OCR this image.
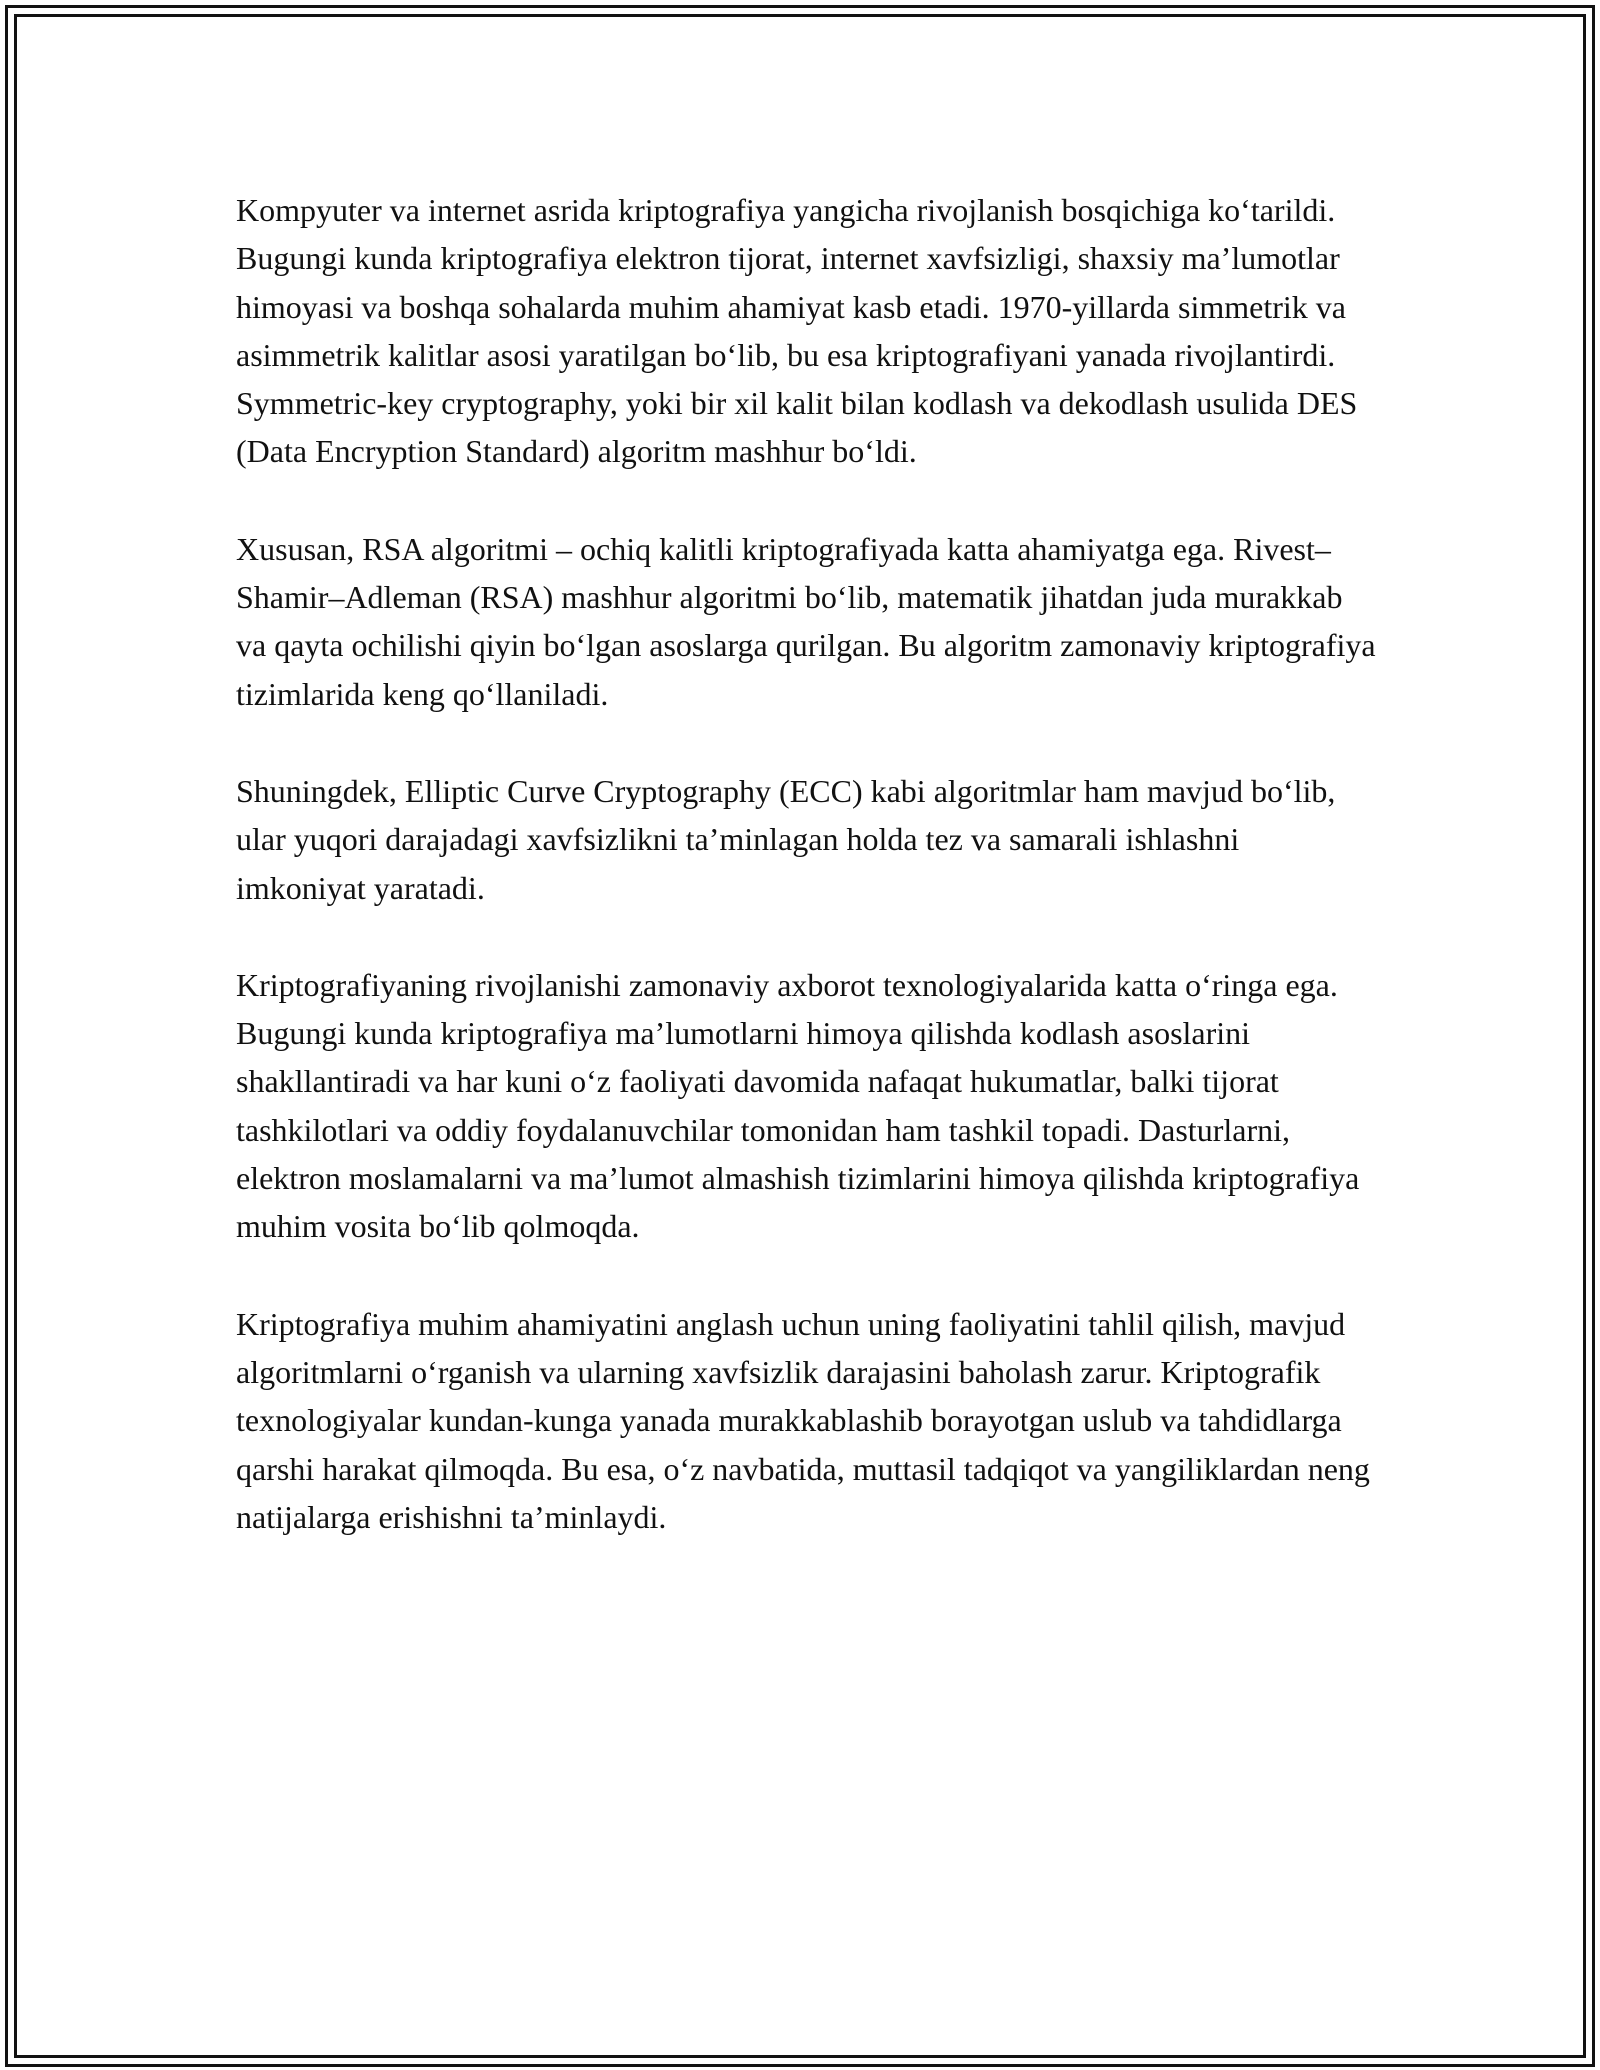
Kompyuter va internet asrida kriptografiya yangicha rivojlanish bosqichiga ko‘tarildi. Bugungi kunda kriptografiya elektron tijorat, internet xavfsizligi, shaxsiy ma’lumotlar himoyasi va boshqa sohalarda muhim ahamiyat kasb etadi. 1970-yillarda simmetrik va asimmetrik kalitlar asosi yaratilgan bo‘lib, bu esa kriptografiyani yanada rivojlantirdi. Symmetric-key cryptography, yoki bir xil kalit bilan kodlash va dekodlash usulida DES (Data Encryption Standard) algoritm mashhur bo‘ldi.

Xususan, RSA algoritmi – ochiq kalitli kriptografiyada katta ahamiyatga ega. Rivest–Shamir–Adleman (RSA) mashhur algoritmi bo‘lib, matematik jihatdan juda murakkab va qayta ochilishi qiyin bo‘lgan asoslarga qurilgan. Bu algoritm zamonaviy kriptografiya tizimlarida keng qo‘llaniladi.

Shuningdek, Elliptic Curve Cryptography (ECC) kabi algoritmlar ham mavjud bo‘lib, ular yuqori darajadagi xavfsizlikni ta’minlagan holda tez va samarali ishlashni imkoniyat yaratadi.

Kriptografiyaning rivojlanishi zamonaviy axborot texnologiyalarida katta o‘ringa ega. Bugungi kunda kriptografiya ma’lumotlarni himoya qilishda kodlash asoslarini shakllantiradi va har kuni o‘z faoliyati davomida nafaqat hukumatlar, balki tijorat tashkilotlari va oddiy foydalanuvchilar tomonidan ham tashkil topadi. Dasturlarni, elektron moslamalarni va ma’lumot almashish tizimlarini himoya qilishda kriptografiya muhim vosita bo‘lib qolmoqda.

Kriptografiya muhim ahamiyatini anglash uchun uning faoliyatini tahlil qilish, mavjud algoritmlarni o‘rganish va ularning xavfsizlik darajasini baholash zarur. Kriptografik texnologiyalar kundan-kunga yanada murakkablashib borayotgan uslub va tahdidlarga qarshi harakat qilmoqda. Bu esa, o‘z navbatida, muttasil tadqiqot va yangiliklardan neng natijalarga erishishni ta’minlaydi.
